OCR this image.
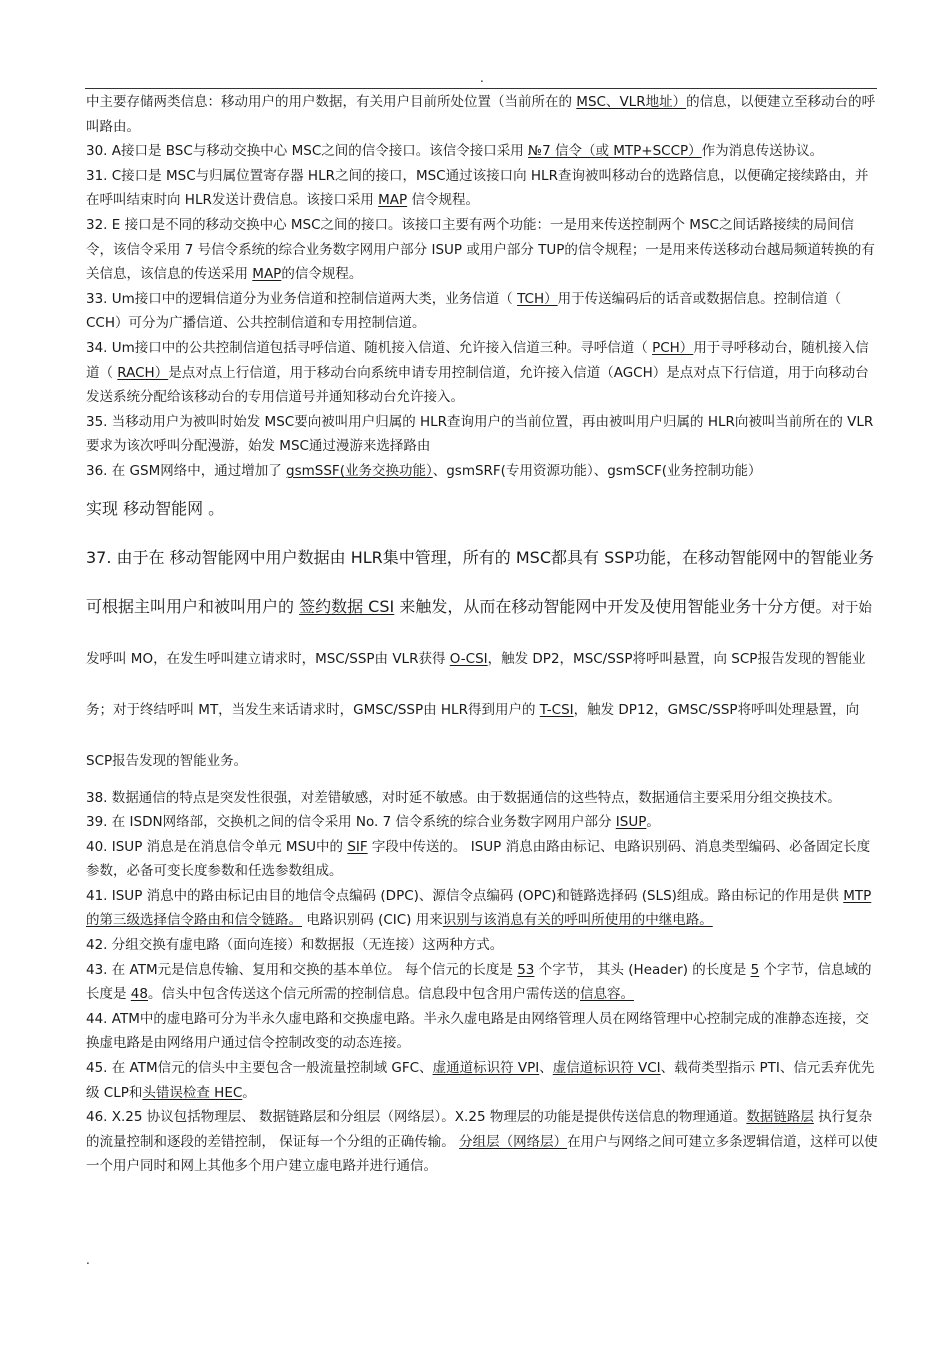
.
中主要存储两类信息：移动用户的用户数据，有关用户目前所处位置（当前所在的 MSC、VLR地址）的信息，以便建立至移动台的呼叫路由。
30. A接口是 BSC与移动交换中心 MSC之间的信令接口。该信令接口采用 №7 信令（或 MTP+SCCP）作为消息传送协议。
31. C接口是 MSC与归属位置寄存器 HLR之间的接口，MSC通过该接口向 HLR查询被叫移动台的选路信息，以便确定接续路由，并在呼叫结束时向 HLR发送计费信息。该接口采用 MAP 信令规程。
32. E 接口是不同的移动交换中心 MSC之间的接口。该接口主要有两个功能：一是用来传送控制两个 MSC之间话路接续的局间信令，该信令采用 7 号信令系统的综合业务数字网用户部分 ISUP 或用户部分 TUP的信令规程；一是用来传送移动台越局频道转换的有关信息，该信息的传送采用 MAP的信令规程。
33. Um接口中的逻辑信道分为业务信道和控制信道两大类，业务信道（ TCH）用于传送编码后的话音或数据信息。控制信道（ CCH）可分为广播信道、公共控制信道和专用控制信道。
34. Um接口中的公共控制信道包括寻呼信道、随机接入信道、允许接入信道三种。寻呼信道（ PCH）用于寻呼移动台，随机接入信道（ RACH）是点对点上行信道，用于移动台向系统申请专用控制信道，允许接入信道（AGCH）是点对点下行信道，用于向移动台发送系统分配给该移动台的专用信道号并通知移动台允许接入。
35. 当移动用户为被叫时始发 MSC要向被叫用户归属的 HLR查询用户的当前位置，再由被叫用户归属的 HLR向被叫当前所在的 VLR要求为该次呼叫分配漫游，始发 MSC通过漫游来选择路由
36. 在 GSM网络中，通过增加了 gsmSSF(业务交换功能）、gsmSRF(专用资源功能）、gsmSCF(业务控制功能）
实现 移动智能网 。
37. 由于在 移动智能网中用户数据由 HLR集中管理，所有的 MSC都具有 SSP功能，在移动智能网中的智能业务可根据主叫用户和被叫用户的 签约数据 CSI 来触发，从而在移动智能网中开发及使用智能业务十分方便。对于始发呼叫 MO，在发生呼叫建立请求时，MSC/SSP由 VLR获得 O-CSI，触发 DP2，MSC/SSP将呼叫悬置，向 SCP报告发现的智能业务；对于终结呼叫 MT，当发生来话请求时，GMSC/SSP由 HLR得到用户的 T-CSI，触发 DP12，GMSC/SSP将呼叫处理悬置，向 SCP报告发现的智能业务。
38. 数据通信的特点是突发性很强，对差错敏感，对时延不敏感。由于数据通信的这些特点，数据通信主要采用分组交换技术。
39. 在 ISDN网络部，交换机之间的信令采用 No. 7 信令系统的综合业务数字网用户部分 ISUP。
40. ISUP 消息是在消息信令单元 MSU中的 SIF 字段中传送的。 ISUP 消息由路由标记、电路识别码、消息类型编码、必备固定长度参数，必备可变长度参数和任选参数组成。
41. ISUP 消息中的路由标记由目的地信令点编码 (DPC)、源信令点编码 (OPC)和链路选择码 (SLS)组成。路由标记的作用是供 MTP的第三级选择信令路由和信令链路。 电路识别码 (CIC) 用来识别与该消息有关的呼叫所使用的中继电路。
42. 分组交换有虚电路（面向连接）和数据报（无连接）这两种方式。
43. 在 ATM元是信息传输、复用和交换的基本单位。 每个信元的长度是 53 个字节， 其头 (Header) 的长度是 5 个字节，信息域的长度是 48。信头中包含传送这个信元所需的控制信息。信息段中包含用户需传送的信息容。
44. ATM中的虚电路可分为半永久虚电路和交换虚电路。半永久虚电路是由网络管理人员在网络管理中心控制完成的准静态连接，交换虚电路是由网络用户通过信令控制改变的动态连接。
45. 在 ATM信元的信头中主要包含一般流量控制域 GFC、虚通道标识符 VPI、虚信道标识符 VCI、载荷类型指示 PTI、信元丢弃优先级 CLP和头错误检查 HEC。
46. X.25 协议包括物理层、 数据链路层和分组层（网络层）。X.25 物理层的功能是提供传送信息的物理通道。数据链路层 执行复杂的流量控制和逐段的差错控制， 保证每一个分组的正确传输。 分组层（网络层）在用户与网络之间可建立多条逻辑信道，这样可以使一个用户同时和网上其他多个用户建立虚电路并进行通信。
.
